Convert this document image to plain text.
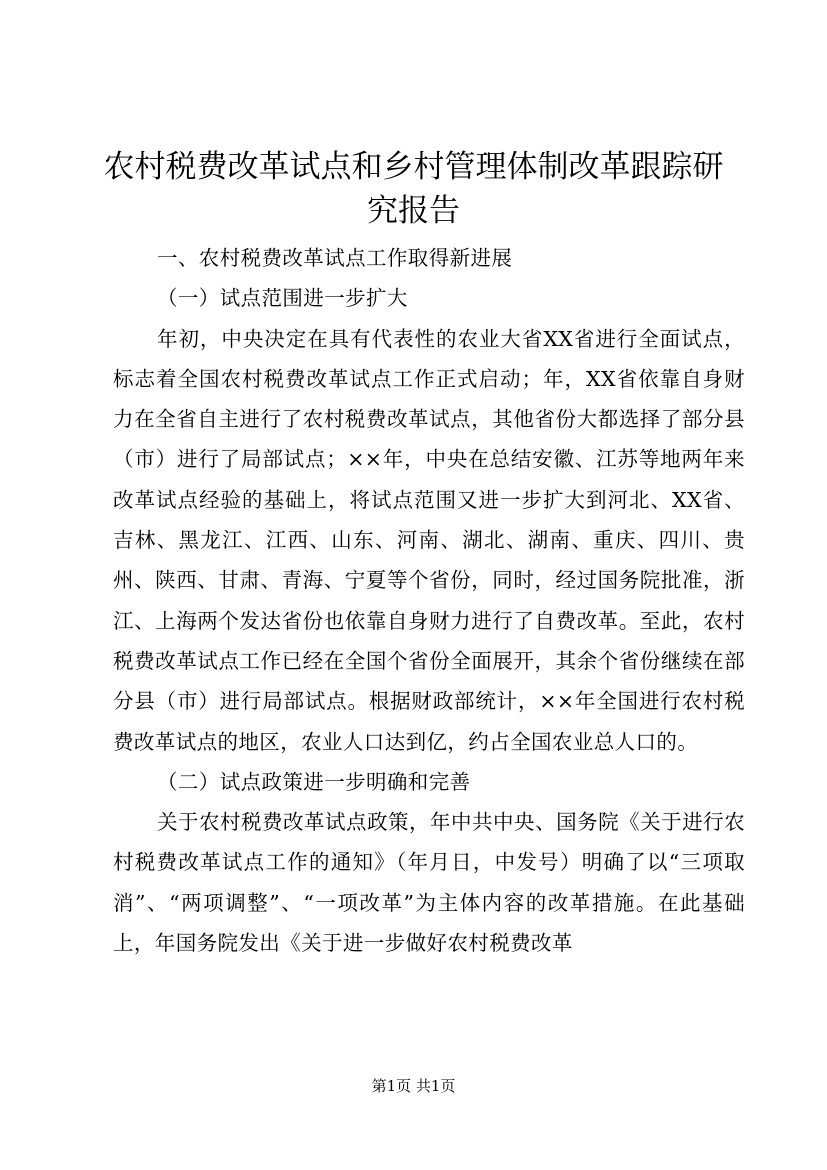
农村税费改革试点和乡村管理体制改革跟踪研究报告

一、农村税费改革试点工作取得新进展

（一）试点范围进一步扩大

年初，中央决定在具有代表性的农业大省XX省进行全面试点，标志着全国农村税费改革试点工作正式启动；年，XX省依靠自身财力在全省自主进行了农村税费改革试点，其他省份大都选择了部分县（市）进行了局部试点；××年，中央在总结安徽、江苏等地两年来改革试点经验的基础上，将试点范围又进一步扩大到河北、XX省、吉林、黑龙江、江西、山东、河南、湖北、湖南、重庆、四川、贵州、陕西、甘肃、青海、宁夏等个省份，同时，经过国务院批准，浙江、上海两个发达省份也依靠自身财力进行了自费改革。至此，农村税费改革试点工作已经在全国个省份全面展开，其余个省份继续在部分县（市）进行局部试点。根据财政部统计，××年全国进行农村税费改革试点的地区，农业人口达到亿，约占全国农业总人口的。

（二）试点政策进一步明确和完善

关于农村税费改革试点政策，年中共中央、国务院《关于进行农村税费改革试点工作的通知》（年月日，中发号）明确了以“三项取消”、“两项调整”、“一项改革”为主体内容的改革措施。在此基础上，年国务院发出《关于进一步做好农村税费改革

第1页 共1页
